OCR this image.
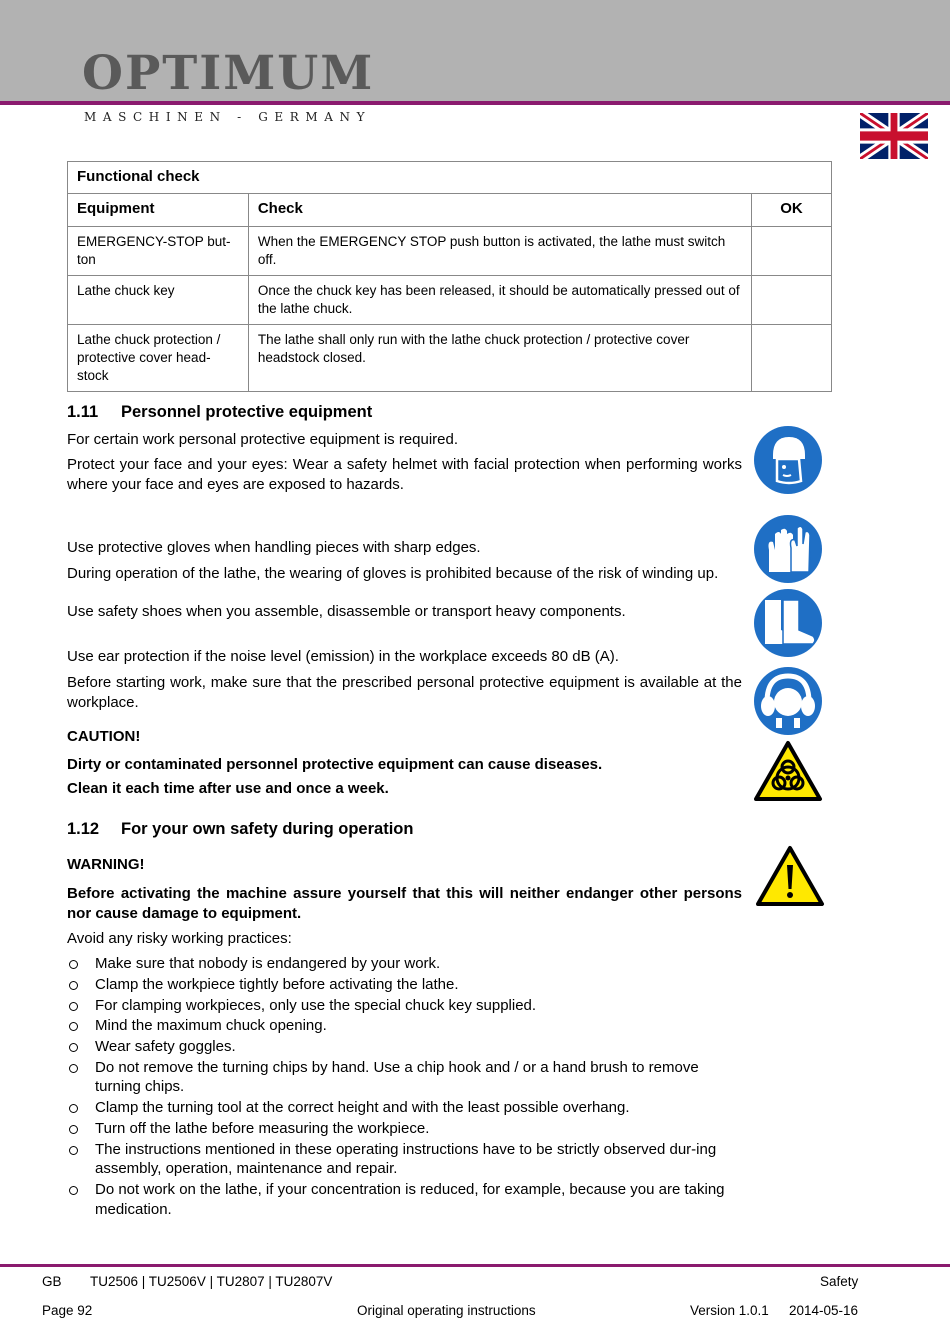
OPTIMUM
MASCHINEN - GERMANY
Functional check		
Equipment	Check	OK
EMERGENCY-STOP but-
ton	When the EMERGENCY STOP push button is activated, the lathe must switch off.	
Lathe chuck key	Once the chuck key has been released, it should be automatically pressed out of the lathe chuck.	
Lathe chuck protection / protective cover head-
stock	The lathe shall only run with the lathe chuck protection / protective cover headstock closed.	
1.11 Personnel protective equipment
For certain work personal protective equipment is required.
Protect your face and your eyes: Wear a safety helmet with facial protection when performing works where your face and eyes are exposed to hazards.
Use protective gloves when handling pieces with sharp edges.
During operation of the lathe, the wearing of gloves is prohibited because of the risk of winding up.
Use safety shoes when you assemble, disassemble or transport heavy components.
Use ear protection if the noise level (emission) in the workplace exceeds 80 dB (A).
Before starting work, make sure that the prescribed personal protective equipment is available at the workplace.
CAUTION!
Dirty or contaminated personnel protective equipment can cause diseases.
Clean it each time after use and once a week.
1.12 For your own safety during operation
WARNING!
Before activating the machine assure yourself that this will neither endanger other persons nor cause damage to equipment.
Avoid any risky working practices:
Make sure that nobody is endangered by your work.
Clamp the workpiece tightly before activating the lathe.
For clamping workpieces, only use the special chuck key supplied.
Mind the maximum chuck opening.
Wear safety goggles.
Do not remove the turning chips by hand. Use a chip hook and / or a hand brush to remove turning chips.
Clamp the turning tool at the correct height and with the least possible overhang.
Turn off the lathe before measuring the workpiece.
The instructions mentioned in these operating instructions have to be strictly observed dur-ing assembly, operation, maintenance and repair.
Do not work on the lathe, if your concentration is reduced, for example, because you are taking medication.
GB TU2506 | TU2506V | TU2807 | TU2807V	Safety
Page 92	Original operating instructions	Version 1.0.1 2014-05-16
